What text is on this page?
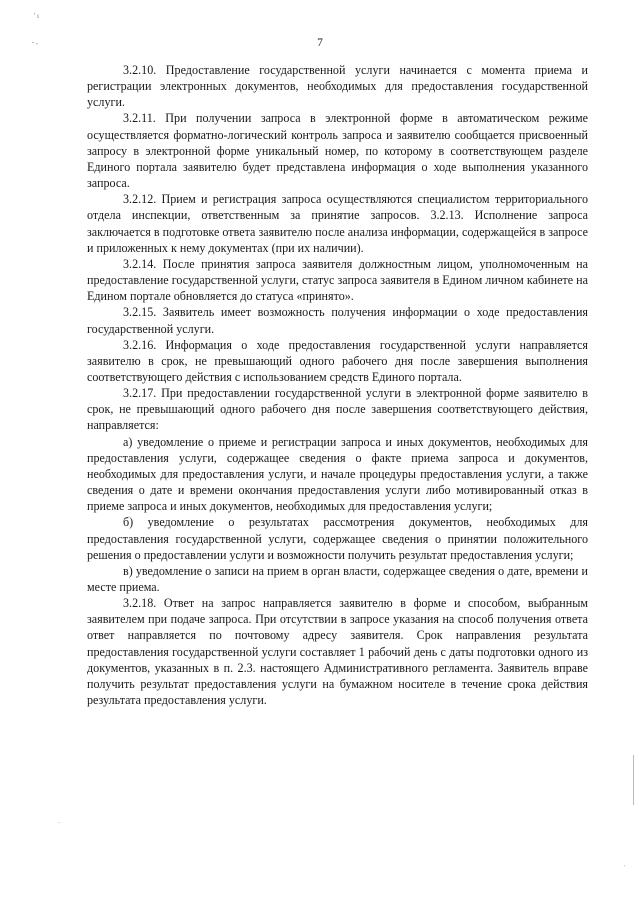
' ı
- ,
-
'
7

3.2.10. Предоставление государственной услуги начинается с момента приема и регистрации электронных документов, необходимых для предоставления государственной услуги.

3.2.11. При получении запроса в электронной форме в автоматическом режиме осуществляется форматно-логический контроль запроса и заявителю сообщается присвоенный запросу в электронной форме уникальный номер, по которому в соответствующем разделе Единого портала заявителю будет представлена информация о ходе выполнения указанного запроса.

3.2.12. Прием и регистрация запроса осуществляются специалистом территориального отдела инспекции, ответственным за принятие запросов. 3.2.13. Исполнение запроса заключается в подготовке ответа заявителю после анализа информации, содержащейся в запросе и приложенных к нему документах (при их наличии).

3.2.14. После принятия запроса заявителя должностным лицом, уполномоченным на предоставление государственной услуги, статус запроса заявителя в Едином личном кабинете на Едином портале обновляется до статуса «принято».

3.2.15. Заявитель имеет возможность получения информации о ходе предоставления государственной услуги.

3.2.16. Информация о ходе предоставления государственной услуги направляется заявителю в срок, не превышающий одного рабочего дня после завершения выполнения соответствующего действия с использованием средств Единого портала.

3.2.17. При предоставлении государственной услуги в электронной форме заявителю в срок, не превышающий одного рабочего дня после завершения соответствующего действия, направляется:

а) уведомление о приеме и регистрации запроса и иных документов, необходимых для предоставления услуги, содержащее сведения о факте приема запроса и документов, необходимых для предоставления услуги, и начале процедуры предоставления услуги, а также сведения о дате и времени окончания предоставления услуги либо мотивированный отказ в приеме запроса и иных документов, необходимых для предоставления услуги;

б) уведомление о результатах рассмотрения документов, необходимых для предоставления государственной услуги, содержащее сведения о принятии положительного решения о предоставлении услуги и возможности получить результат предоставления услуги;

в) уведомление о записи на прием в орган власти, содержащее сведения о дате, времени и месте приема.

3.2.18. Ответ на запрос направляется заявителю в форме и способом, выбранным заявителем при подаче запроса. При отсутствии в запросе указания на способ получения ответа ответ направляется по почтовому адресу заявителя. Срок направления результата предоставления государственной услуги составляет 1 рабочий день с даты подготовки одного из документов, указанных в п. 2.3. настоящего Административного регламента. Заявитель вправе получить результат предоставления услуги на бумажном носителе в течение срока действия результата предоставления услуги.
